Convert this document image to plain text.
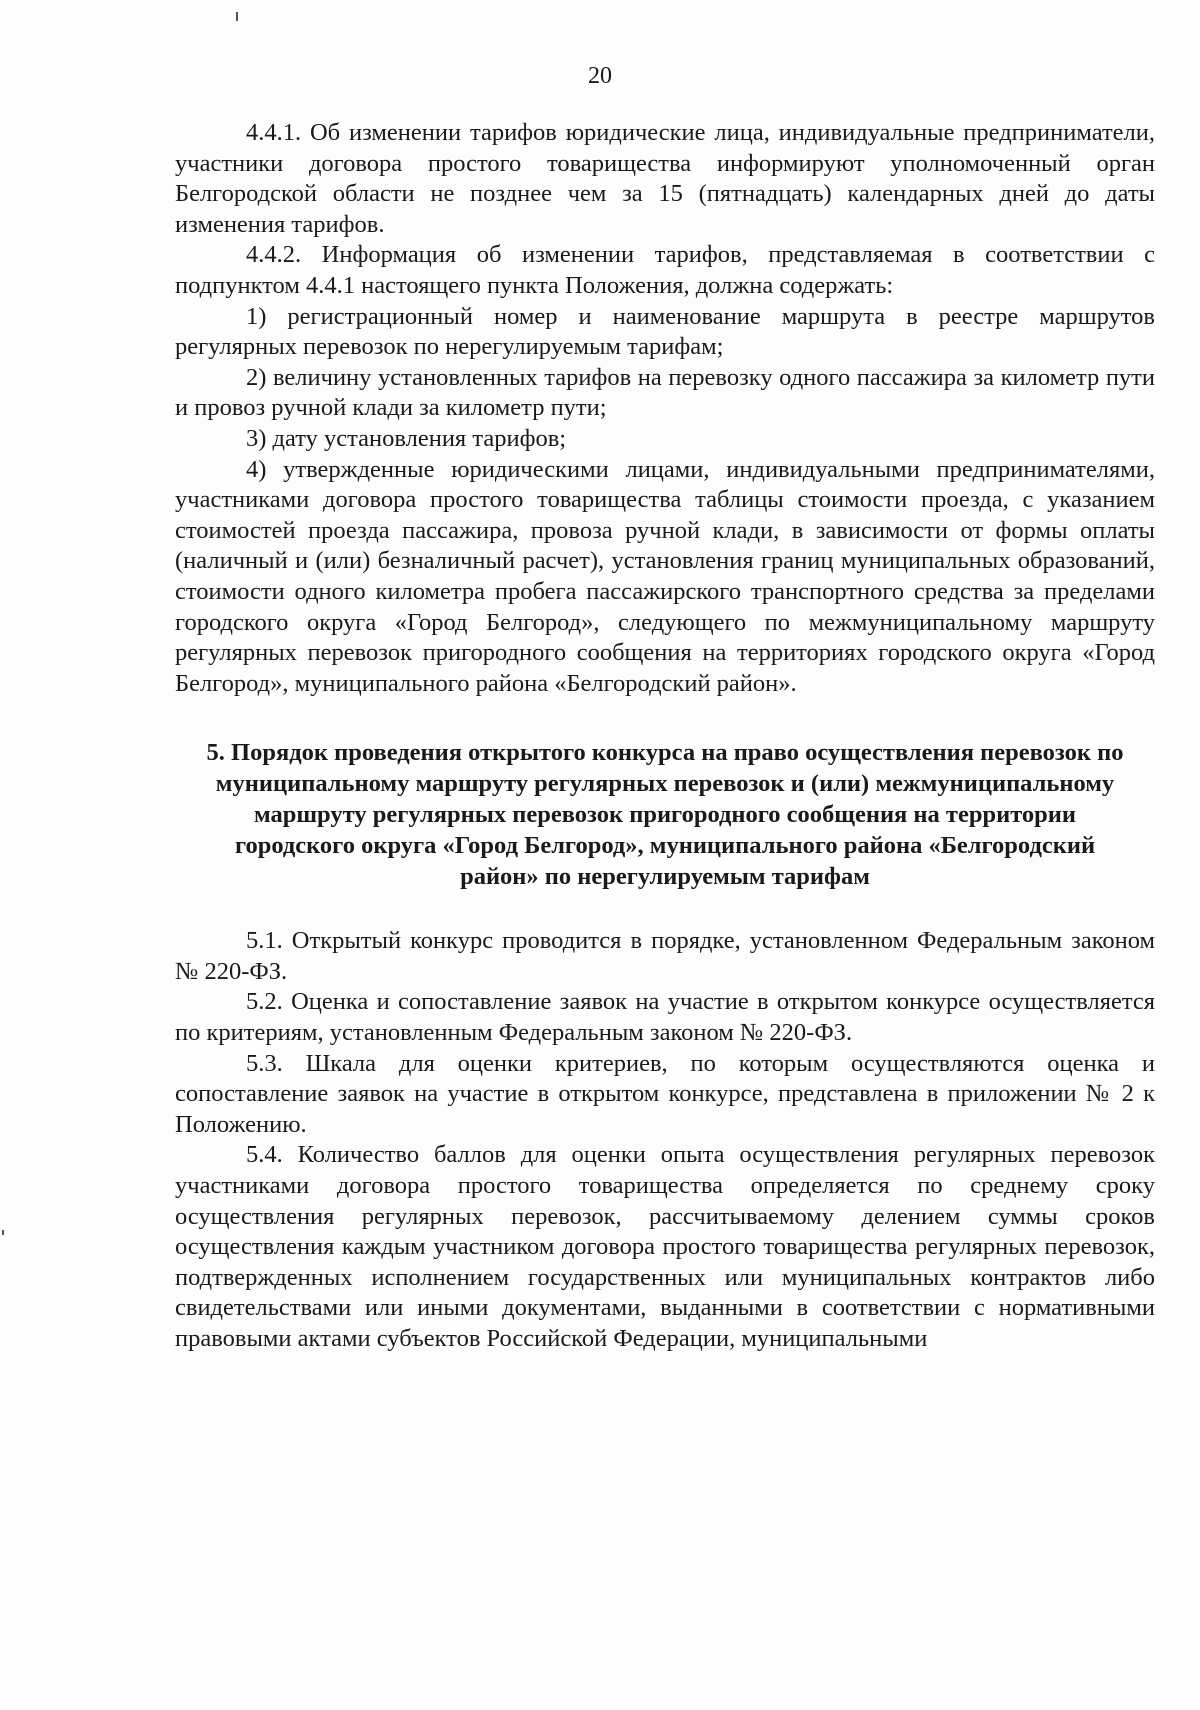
20

4.4.1. Об изменении тарифов юридические лица, индивидуальные предприниматели, участники договора простого товарищества информируют уполномоченный орган Белгородской области не позднее чем за 15 (пятнадцать) календарных дней до даты изменения тарифов.

4.4.2. Информация об изменении тарифов, представляемая в соответствии с подпунктом 4.4.1 настоящего пункта Положения, должна содержать:

1) регистрационный номер и наименование маршрута в реестре маршрутов регулярных перевозок по нерегулируемым тарифам;

2) величину установленных тарифов на перевозку одного пассажира за километр пути и провоз ручной клади за километр пути;

3) дату установления тарифов;

4) утвержденные юридическими лицами, индивидуальными предпринимателями, участниками договора простого товарищества таблицы стоимости проезда, с указанием стоимостей проезда пассажира, провоза ручной клади, в зависимости от формы оплаты (наличный и (или) безналичный расчет), установления границ муниципальных образований, стоимости одного километра пробега пассажирского транспортного средства за пределами городского округа «Город Белгород», следующего по межмуниципальному маршруту регулярных перевозок пригородного сообщения на территориях городского округа «Город Белгород», муниципального района «Белгородский район».

5. Порядок проведения открытого конкурса на право осуществления перевозок по муниципальному маршруту регулярных перевозок и (или) межмуниципальному маршруту регулярных перевозок пригородного сообщения на территории городского округа «Город Белгород», муниципального района «Белгородский район» по нерегулируемым тарифам

5.1. Открытый конкурс проводится в порядке, установленном Федеральным законом № 220-ФЗ.

5.2. Оценка и сопоставление заявок на участие в открытом конкурсе осуществляется по критериям, установленным Федеральным законом № 220-ФЗ.

5.3. Шкала для оценки критериев, по которым осуществляются оценка и сопоставление заявок на участие в открытом конкурсе, представлена в приложении № 2 к Положению.

5.4. Количество баллов для оценки опыта осуществления регулярных перевозок участниками договора простого товарищества определяется по среднему сроку осуществления регулярных перевозок, рассчитываемому делением суммы сроков осуществления каждым участником договора простого товарищества регулярных перевозок, подтвержденных исполнением государственных или муниципальных контрактов либо свидетельствами или иными документами, выданными в соответствии с нормативными правовыми актами субъектов Российской Федерации, муниципальными
